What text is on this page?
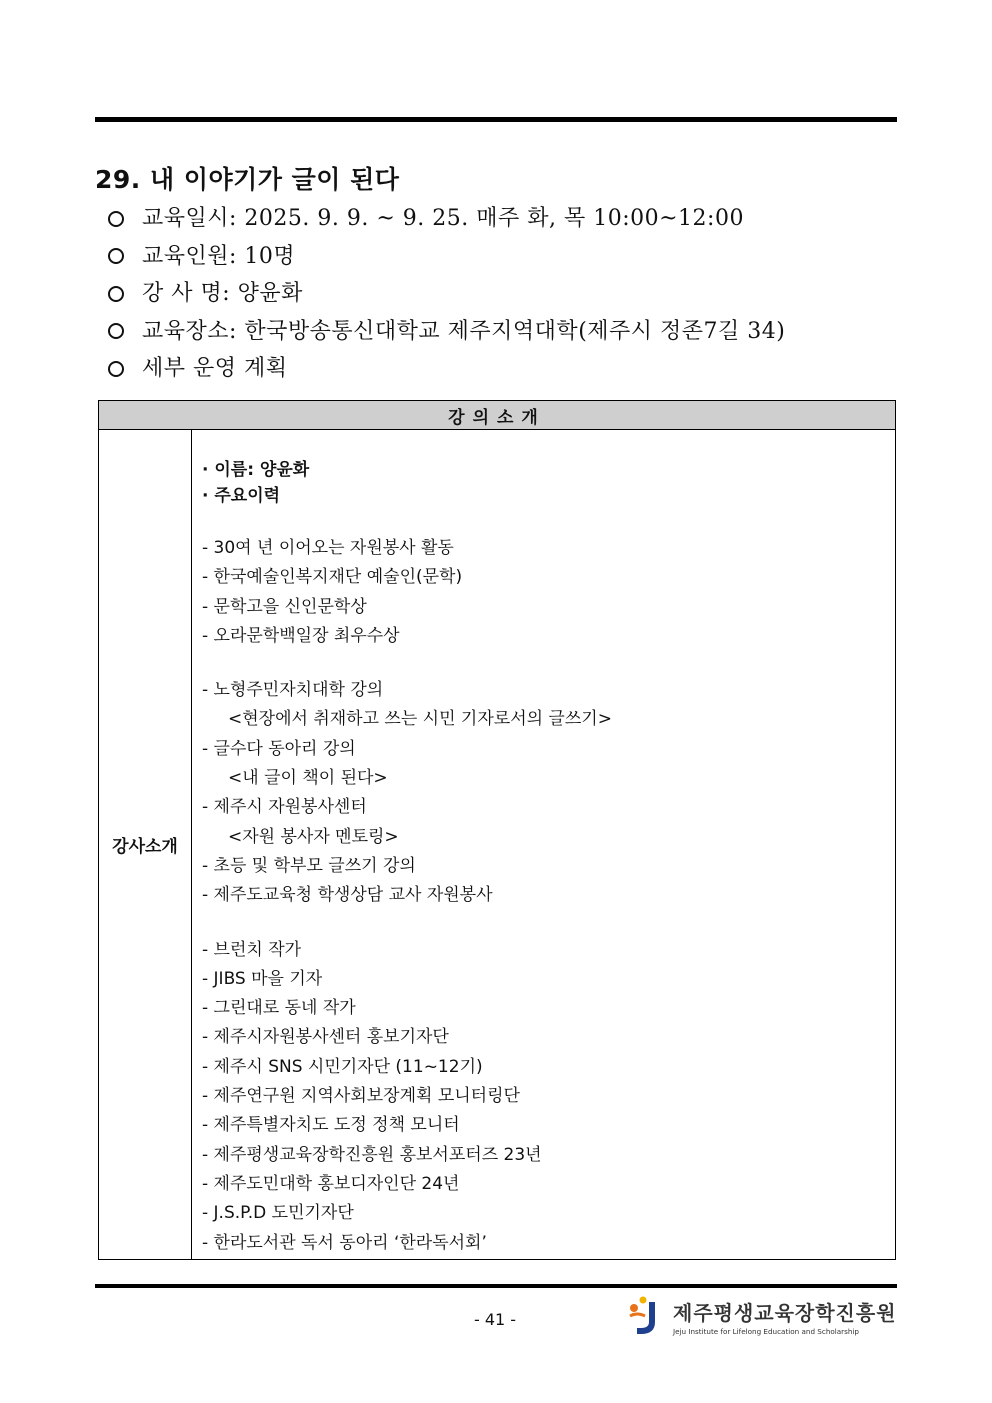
29. 내 이야기가 글이 된다
교육일시: 2025. 9. 9. ~ 9. 25. 매주 화, 목 10:00~12:00
교육인원: 10명
강 사 명: 양윤화
교육장소: 한국방송통신대학교 제주지역대학(제주시 정존7길 34)
세부 운영 계획
강의소개
강사소개	
· 이름: 양윤화
· 주요이력
- 30여 년 이어오는 자원봉사 활동
- 한국예술인복지재단 예술인(문학)
- 문학고을 신인문학상
- 오라문학백일장 최우수상
- 노형주민자치대학 강의
<현장에서 취재하고 쓰는 시민 기자로서의 글쓰기>
- 글수다 동아리 강의
<내 글이 책이 된다>
- 제주시 자원봉사센터
<자원 봉사자 멘토링>
- 초등 및 학부모 글쓰기 강의
- 제주도교육청 학생상담 교사 자원봉사
- 브런치 작가
- JIBS 마을 기자
- 그린대로 동네 작가
- 제주시자원봉사센터 홍보기자단
- 제주시 SNS 시민기자단 (11~12기)
- 제주연구원 지역사회보장계획 모니터링단
- 제주특별자치도 도정 정책 모니터
- 제주평생교육장학진흥원 홍보서포터즈 23년
- 제주도민대학 홍보디자인단 24년
- J.S.P.D 도민기자단
- 한라도서관 독서 동아리 ‘한라독서회’
- 41 -	제주평생교육장학진흥원
Jeju Institute for Lifelong Education and Scholarship
